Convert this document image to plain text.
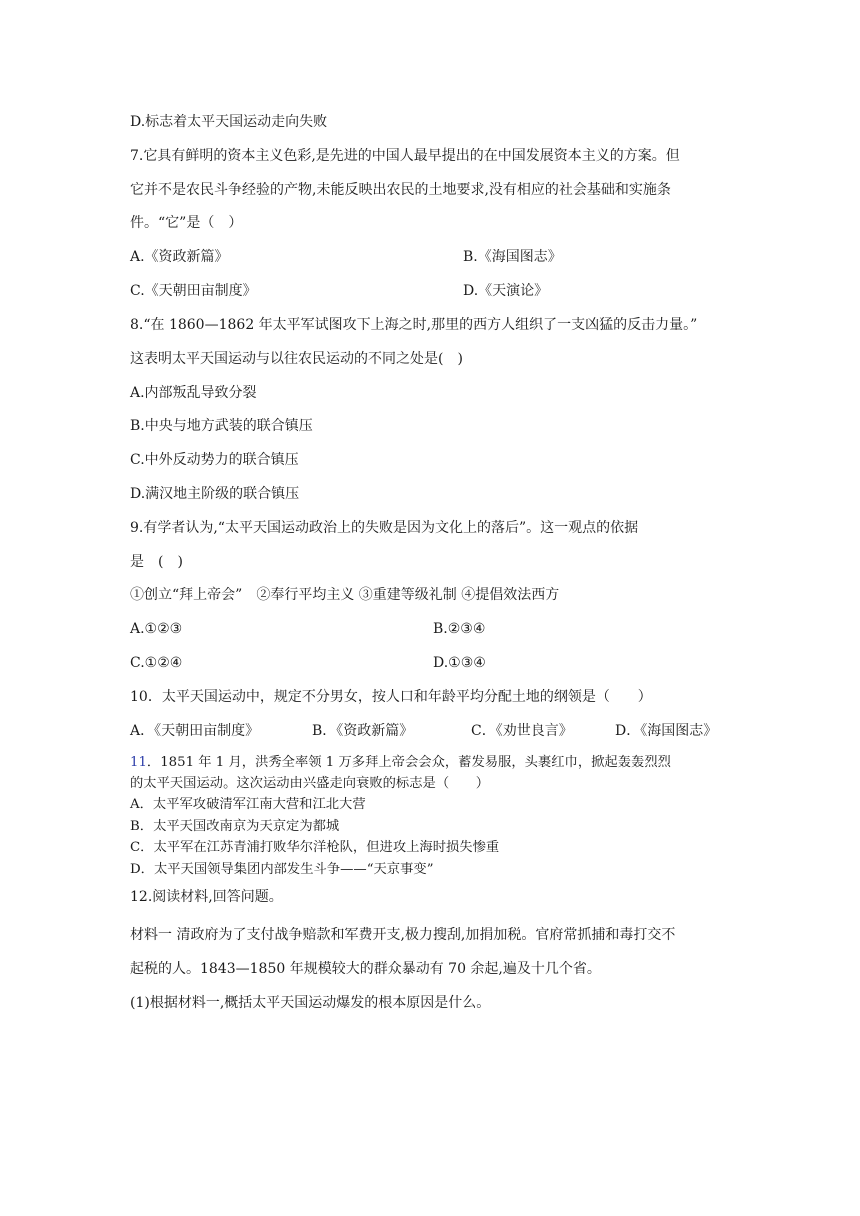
D.标志着太平天国运动走向失败
7.它具有鲜明的资本主义色彩,是先进的中国人最早提出的在中国发展资本主义的方案。但
它并不是农民斗争经验的产物,未能反映出农民的土地要求,没有相应的社会基础和实施条
件。“它”是（　）
A.《资政新篇》	B.《海国图志》
C.《天朝田亩制度》	D.《天演论》
8.“在 1860—1862 年太平军试图攻下上海之时,那里的西方人组织了一支凶猛的反击力量。”
这表明太平天国运动与以往农民运动的不同之处是(　)
A.内部叛乱导致分裂
B.中央与地方武装的联合镇压
C.中外反动势力的联合镇压
D.满汉地主阶级的联合镇压
9.有学者认为,“太平天国运动政治上的失败是因为文化上的落后”。这一观点的依据
是　(　)
①创立“拜上帝会”　②奉行平均主义 ③重建等级礼制 ④提倡效法西方
A.①②③	B.②③④
C.①②④	D.①③④
10．太平天国运动中，规定不分男女，按人口和年龄平均分配土地的纲领是（　　）
A．《天朝田亩制度》	B．《资政新篇》	C．《劝世良言》	D．《海国图志》
11．1851 年 1 月，洪秀全率领 1 万多拜上帝会会众，蓄发易服，头裹红巾，掀起轰轰烈烈
的太平天国运动。这次运动由兴盛走向衰败的标志是（　　）
A．太平军攻破清军江南大营和江北大营
B．太平天国改南京为天京定为都城
C．太平军在江苏青浦打败华尔洋枪队，但进攻上海时损失惨重
D．太平天国领导集团内部发生斗争——“天京事变”
12.阅读材料,回答问题。
材料一 清政府为了支付战争赔款和军费开支,极力搜刮,加捐加税。官府常抓捕和毒打交不
起税的人。1843—1850 年规模较大的群众暴动有 70 余起,遍及十几个省。
(1)根据材料一,概括太平天国运动爆发的根本原因是什么。
